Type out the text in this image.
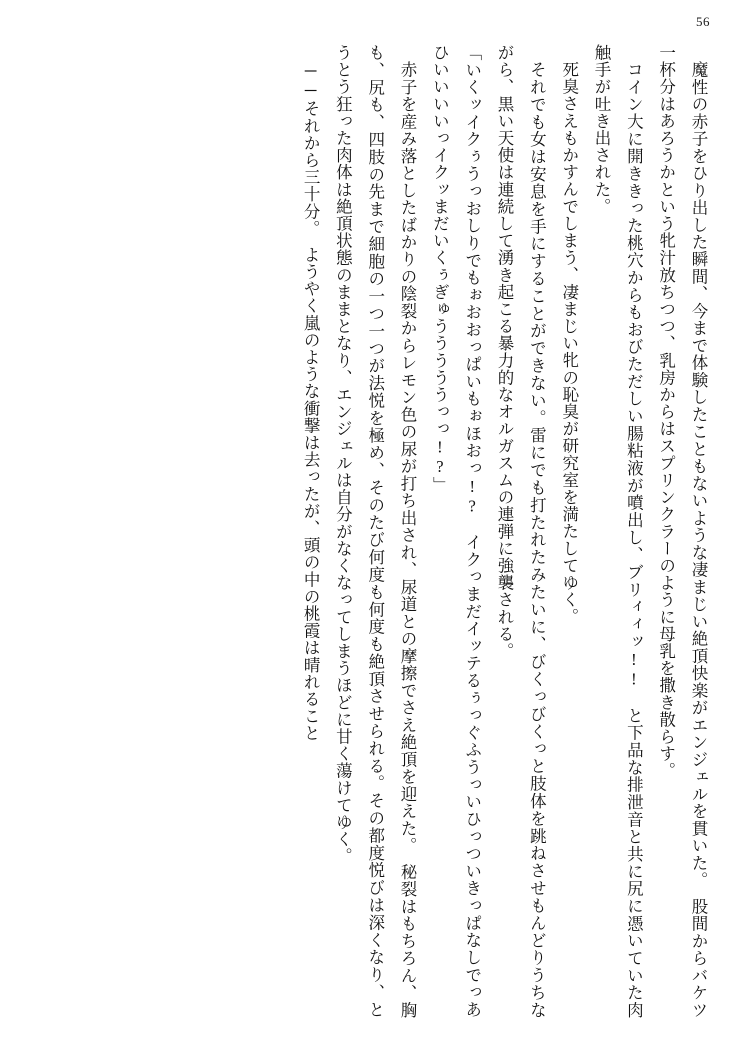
56

魔性の赤子をひり出した瞬間、今まで体験したこともないような凄まじい絶頂快楽がエンジェルを貫いた。　股間からバケツ一杯分はあろうかという牝汁放ちつつ、乳房からはスプリンクラーのように母乳を撒き散らす。

コイン大に開ききった桃穴からもおびただしい腸粘液が噴出し、ブリィィッ!!　と下品な排泄音と共に尻に憑いていた肉触手が吐き出された。

死臭さえもかすんでしまう、凄まじい牝の恥臭が研究室を満たしてゆく。

それでも女は安息を手にすることができない。雷にでも打たれたみたいに、びくっびくっと肢体を跳ねさせもんどりうちながら、黒い天使は連続して湧き起こる暴力的なオルガスムの連弾に強襲される。

「いくッイクぅうっおしりでもぉおおっぱいもぉほおっ!?　イクっまだイッテるぅっぐふうっいひっついきっぱなしでっあひいいいいっイクッまだいくぅぎゅうううううっっ!?」

赤子を産み落としたばかりの陰裂からレモン色の尿が打ち出され、尿道との摩擦でさえ絶頂を迎えた。　秘裂はもちろん、胸も、尻も、四肢の先まで細胞の一つ一つが法悦を極め、そのたび何度も何度も絶頂させられる。その都度悦びは深くなり、とうとう狂った肉体は絶頂状態のままとなり、エンジェルは自分がなくなってしまうほどに甘く蕩けてゆく。

──それから三十分。　ようやく嵐のような衝撃は去ったが、頭の中の桃霞は晴れること
